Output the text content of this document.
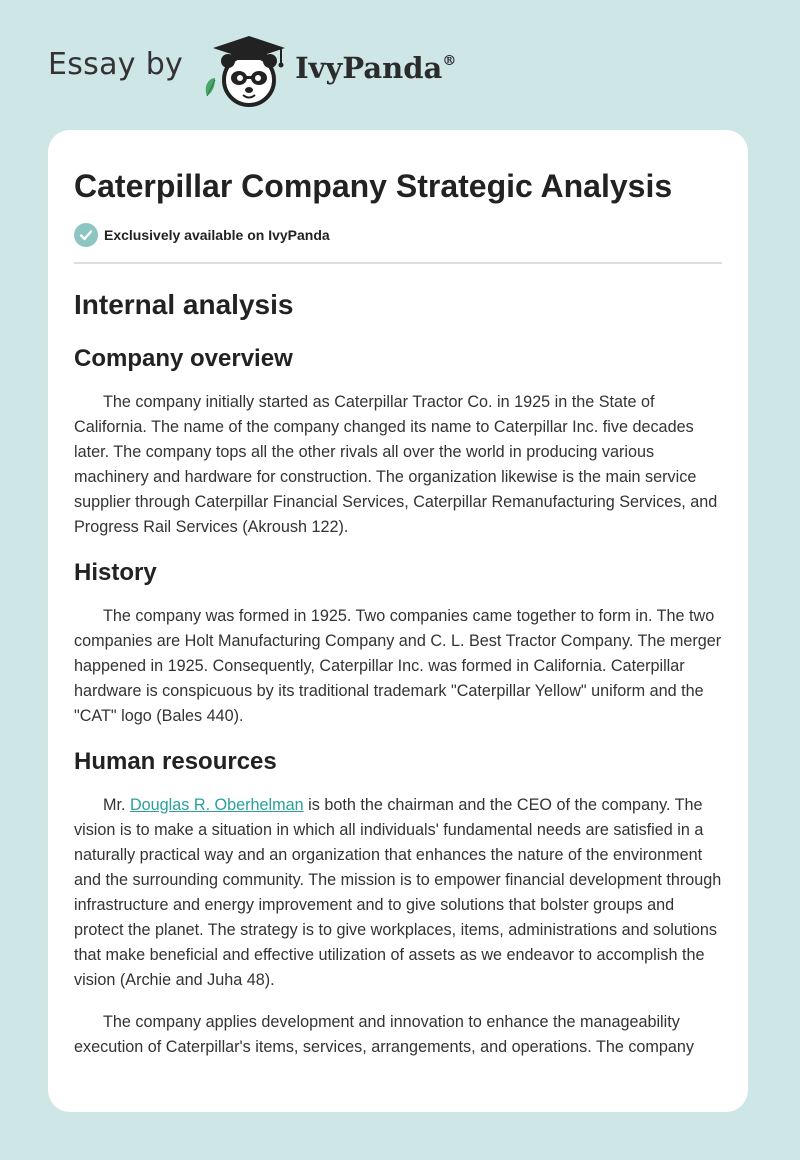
Essay by	IvyPanda®
Caterpillar Company Strategic Analysis
Exclusively available on IvyPanda
Internal analysis
Company overview

The company initially started as Caterpillar Tractor Co. in 1925 in the State of California. The name of the company changed its name to Caterpillar Inc. five decades later. The company tops all the other rivals all over the world in producing various machinery and hardware for construction. The organization likewise is the main service supplier through Caterpillar Financial Services, Caterpillar Remanufacturing Services, and Progress Rail Services (Akroush 122).

History

The company was formed in 1925. Two companies came together to form in. The two companies are Holt Manufacturing Company and C. L. Best Tractor Company. The merger happened in 1925. Consequently, Caterpillar Inc. was formed in California. Caterpillar hardware is conspicuous by its traditional trademark "Caterpillar Yellow" uniform and the "CAT" logo (Bales 440).

Human resources

Mr. Douglas R. Oberhelman is both the chairman and the CEO of the company. The vision is to make a situation in which all individuals' fundamental needs are satisfied in a naturally practical way and an organization that enhances the nature of the environment and the surrounding community. The mission is to empower financial development through infrastructure and energy improvement and to give solutions that bolster groups and protect the planet. The strategy is to give workplaces, items, administrations and solutions that make beneficial and effective utilization of assets as we endeavor to accomplish the vision (Archie and Juha 48).

The company applies development and innovation to enhance the manageability execution of Caterpillar's items, services, arrangements, and operations. The company
